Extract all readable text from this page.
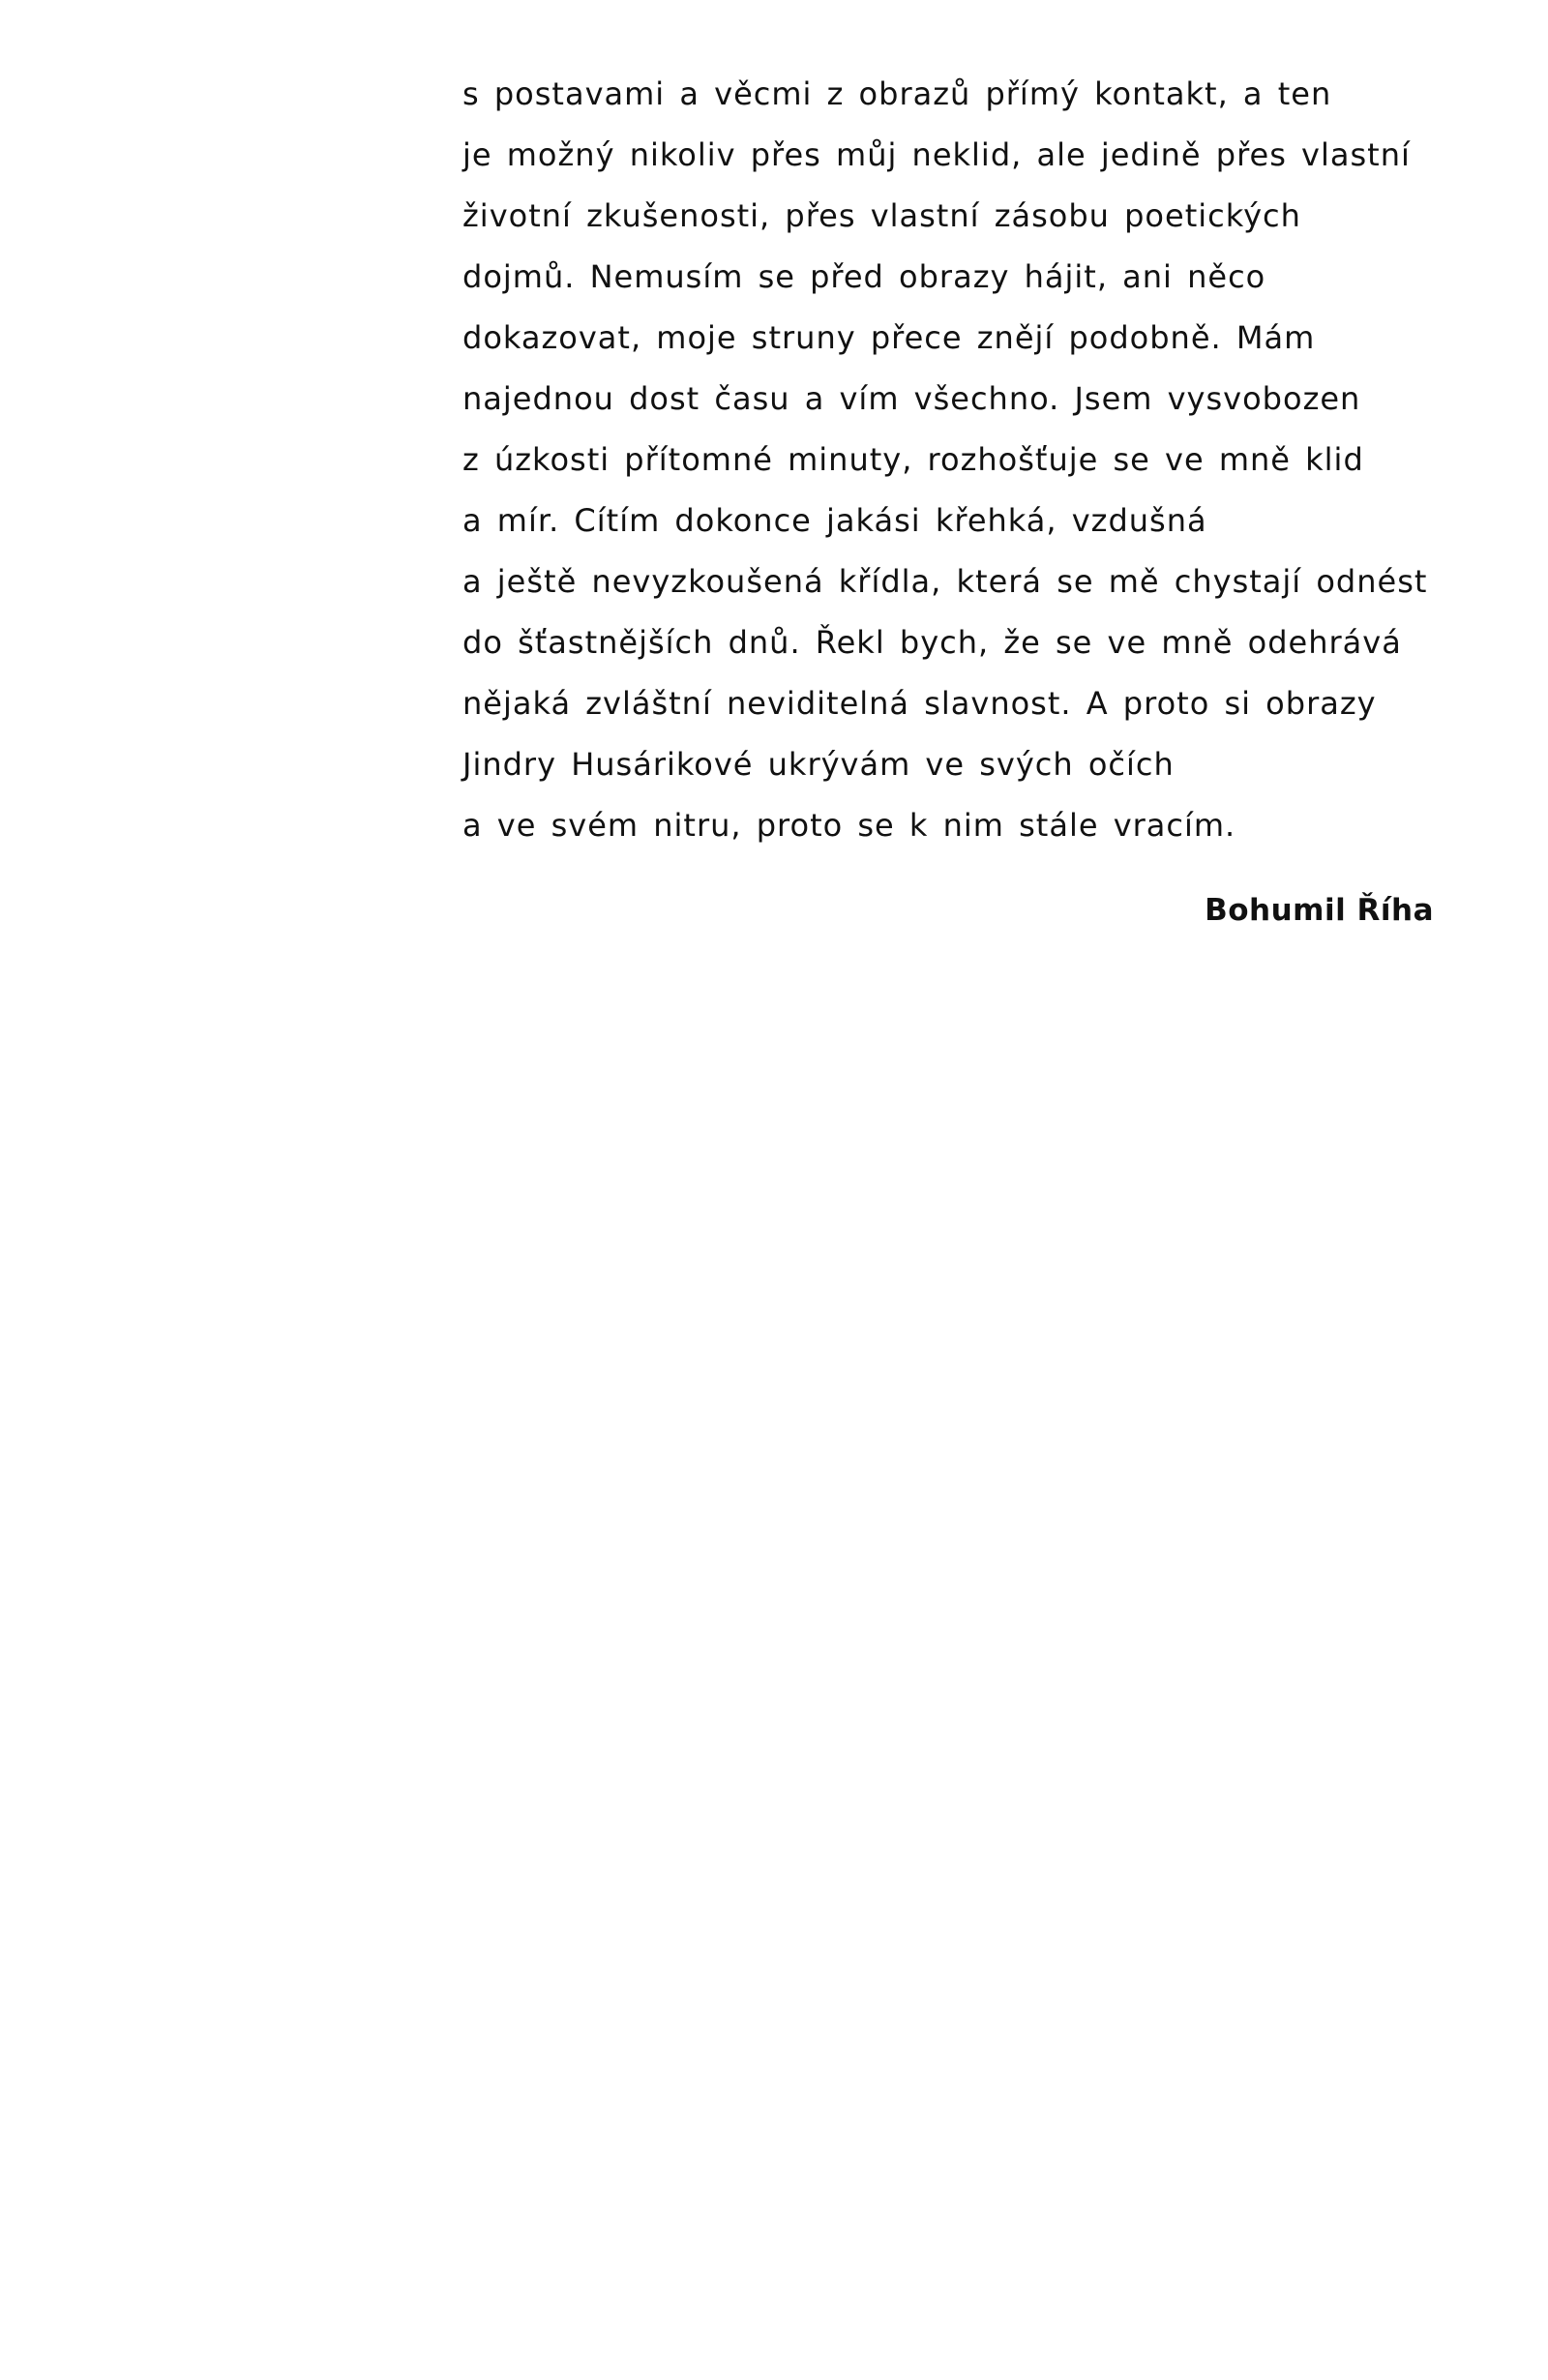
s postavami a věcmi z obrazů přímý kontakt, a ten
je možný nikoliv přes můj neklid, ale jedině přes vlastní
životní zkušenosti, přes vlastní zásobu poetických
dojmů. Nemusím se před obrazy hájit, ani něco
dokazovat, moje struny přece znějí podobně. Mám
najednou dost času a vím všechno. Jsem vysvobozen
z úzkosti přítomné minuty, rozhošťuje se ve mně klid
a mír. Cítím dokonce jakási křehká, vzdušná
a ještě nevyzkoušená křídla, která se mě chystají odnést
do šťastnějších dnů. Řekl bych, že se ve mně odehrává
nějaká zvláštní neviditelná slavnost. A proto si obrazy
Jindry Husárikové ukrývám ve svých očích
a ve svém nitru, proto se k nim stále vracím.
Bohumil Říha
